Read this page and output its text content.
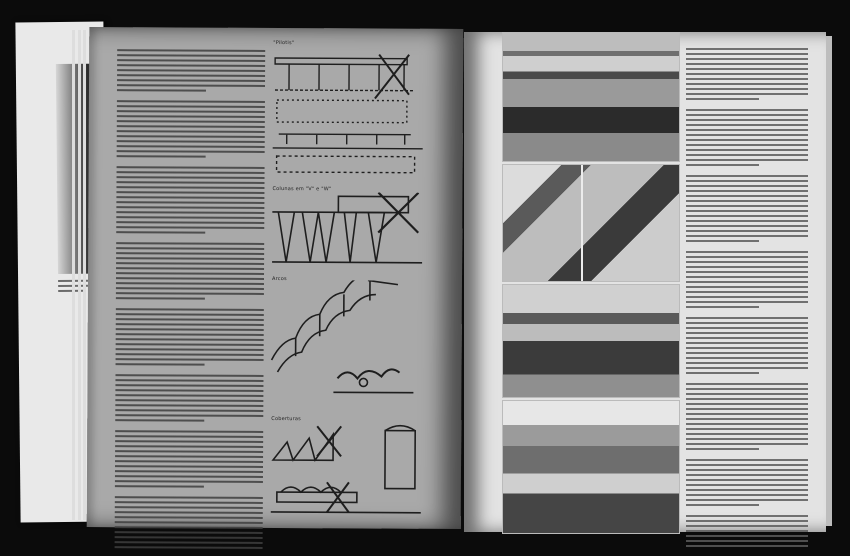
"Pilotis"
Colunas em "V" e "W"
Arcos
Coberturas
